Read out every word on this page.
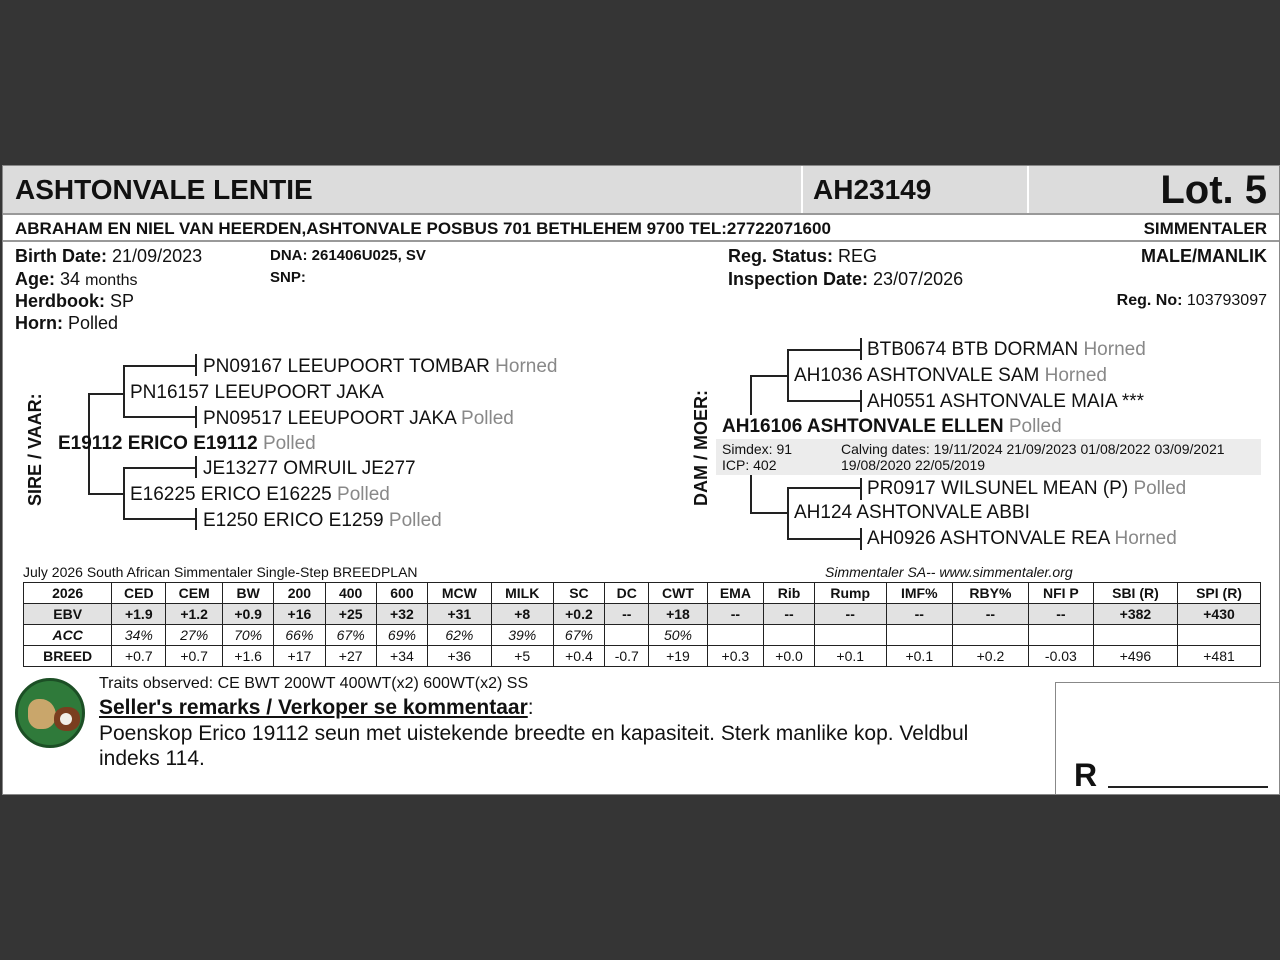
ASHTONVALE LENTIE	AH23149	Lot. 5
ABRAHAM EN NIEL VAN HEERDEN,ASHTONVALE POSBUS 701 BETHLEHEM 9700 TEL:27722071600	SIMMENTALER
Birth Date: 21/09/2023
Age: 34 months
Herdbook: SP
Horn: Polled
DNA: 261406U025, SV
SNP:
Reg. Status: REG
Inspection Date: 23/07/2026
MALE/MANLIK
Reg. No: 103793097
SIRE / VAAR:
PN09167 LEEUPOORT TOMBAR Horned
PN16157 LEEUPOORT JAKA
PN09517 LEEUPOORT JAKA Polled
E19112 ERICO E19112 Polled
JE13277 OMRUIL JE277
E16225 ERICO E16225 Polled
E1250 ERICO E1259 Polled
DAM / MOER:
BTB0674 BTB DORMAN Horned
AH1036 ASHTONVALE SAM Horned
AH0551 ASHTONVALE MAIA ***
AH16106 ASHTONVALE ELLEN Polled
Simdex: 91
ICP: 402
Calving dates: 19/11/2024 21/09/2023 01/08/2022 03/09/2021
19/08/2020 22/05/2019
PR0917 WILSUNEL MEAN (P) Polled
AH124 ASHTONVALE ABBI
AH0926 ASHTONVALE REA Horned
July 2026 South African Simmentaler Single-Step BREEDPLAN	Simmentaler SA-- www.simmentaler.org
2026	CED	CEM	BW	200	400	600	MCW	MILK	SC	DC	CWT	EMA	Rib	Rump	IMF%	RBY%	NFI P	SBI (R)	SPI (R)
EBV	+1.9	+1.2	+0.9	+16	+25	+32	+31	+8	+0.2	--	+18	--	--	--	--	--	--	+382	+430
ACC	34%	27%	70%	66%	67%	69%	62%	39%	67%		50%								
BREED	+0.7	+0.7	+1.6	+17	+27	+34	+36	+5	+0.4	-0.7	+19	+0.3	+0.0	+0.1	+0.1	+0.2	-0.03	+496	+481
Traits observed: CE BWT 200WT 400WT(x2) 600WT(x2) SS
Seller's remarks / Verkoper se kommentaar:
Poenskop Erico 19112 seun met uistekende breedte en kapasiteit. Sterk manlike kop. Veldbul
indeks 114.	R
